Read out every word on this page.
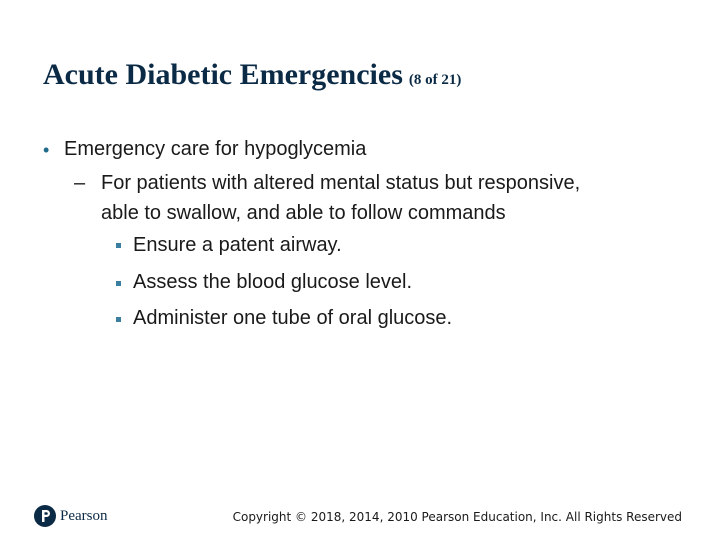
Acute Diabetic Emergencies (8 of 21)
• Emergency care for hypoglycemia
– For patients with altered mental status but responsive,
able to swallow, and able to follow commands
Ensure a patent airway.
Assess the blood glucose level.
Administer one tube of oral glucose.
Pearson	Copyright © 2018, 2014, 2010 Pearson Education, Inc. All Rights Reserved
